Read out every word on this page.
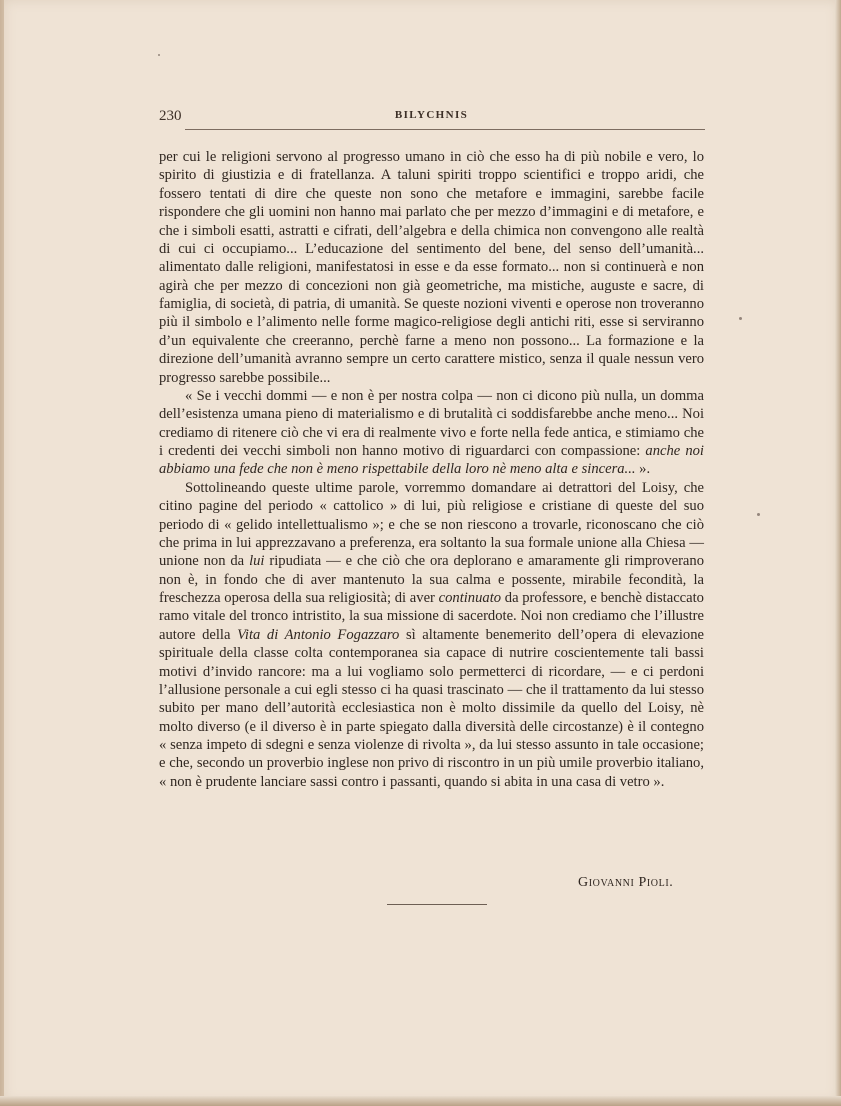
230	BILYCHNIS

per cui le religioni servono al progresso umano in ciò che esso ha di più nobile e vero, lo spirito di giustizia e di fratellanza. A taluni spiriti troppo scientifici e troppo aridi, che fossero tentati di dire che queste non sono che metafore e immagini, sarebbe facile rispondere che gli uomini non hanno mai parlato che per mezzo d’immagini e di metafore, e che i simboli esatti, astratti e cifrati, dell’algebra e della chimica non convengono alle realtà di cui ci occupiamo... L’educazione del sentimento del bene, del senso dell’umanità... alimentato dalle religioni, manifestatosi in esse e da esse formato... non si continuerà e non agirà che per mezzo di concezioni non già geometriche, ma mistiche, auguste e sacre, di famiglia, di società, di patria, di umanità. Se queste nozioni viventi e operose non troveranno più il simbolo e l’alimento nelle forme magico-religiose degli antichi riti, esse si serviranno d’un equivalente che creeranno, perchè farne a meno non possono... La formazione e la direzione dell’umanità avranno sempre un certo carattere mistico, senza il quale nessun vero progresso sarebbe possibile...

« Se i vecchi dommi — e non è per nostra colpa — non ci dicono più nulla, un domma dell’esistenza umana pieno di materialismo e di brutalità ci soddisfarebbe anche meno... Noi crediamo di ritenere ciò che vi era di realmente vivo e forte nella fede antica, e stimiamo che i credenti dei vecchi simboli non hanno motivo di riguardarci con compassione: anche noi abbiamo una fede che non è meno rispettabile della loro nè meno alta e sincera... ».

Sottolineando queste ultime parole, vorremmo domandare ai detrattori del Loisy, che citino pagine del periodo « cattolico » di lui, più religiose e cristiane di queste del suo periodo di « gelido intellettualismo »; e che se non riescono a trovarle, riconoscano che ciò che prima in lui apprezzavano a preferenza, era soltanto la sua formale unione alla Chiesa — unione non da lui ripudiata — e che ciò che ora deplorano e amaramente gli rimproverano non è, in fondo che di aver mantenuto la sua calma e possente, mirabile fecondità, la freschezza operosa della sua religiosità; di aver continuato da professore, e benchè distaccato ramo vitale del tronco intristito, la sua missione di sacerdote. Noi non crediamo che l’illustre autore della Vita di Antonio Fogazzaro sì altamente benemerito dell’opera di elevazione spirituale della classe colta contemporanea sia capace di nutrire coscientemente tali bassi motivi d’invido rancore: ma a lui vogliamo solo permetterci di ricordare, — e ci perdoni l’allusione personale a cui egli stesso ci ha quasi trascinato — che il trattamento da lui stesso subito per mano dell’autorità ecclesiastica non è molto dissimile da quello del Loisy, nè molto diverso (e il diverso è in parte spiegato dalla diversità delle circostanze) è il contegno « senza impeto di sdegni e senza violenze di rivolta », da lui stesso assunto in tale occasione; e che, secondo un proverbio inglese non privo di riscontro in un più umile proverbio italiano, « non è prudente lanciare sassi contro i passanti, quando si abita in una casa di vetro ».

Giovanni Pioli.
